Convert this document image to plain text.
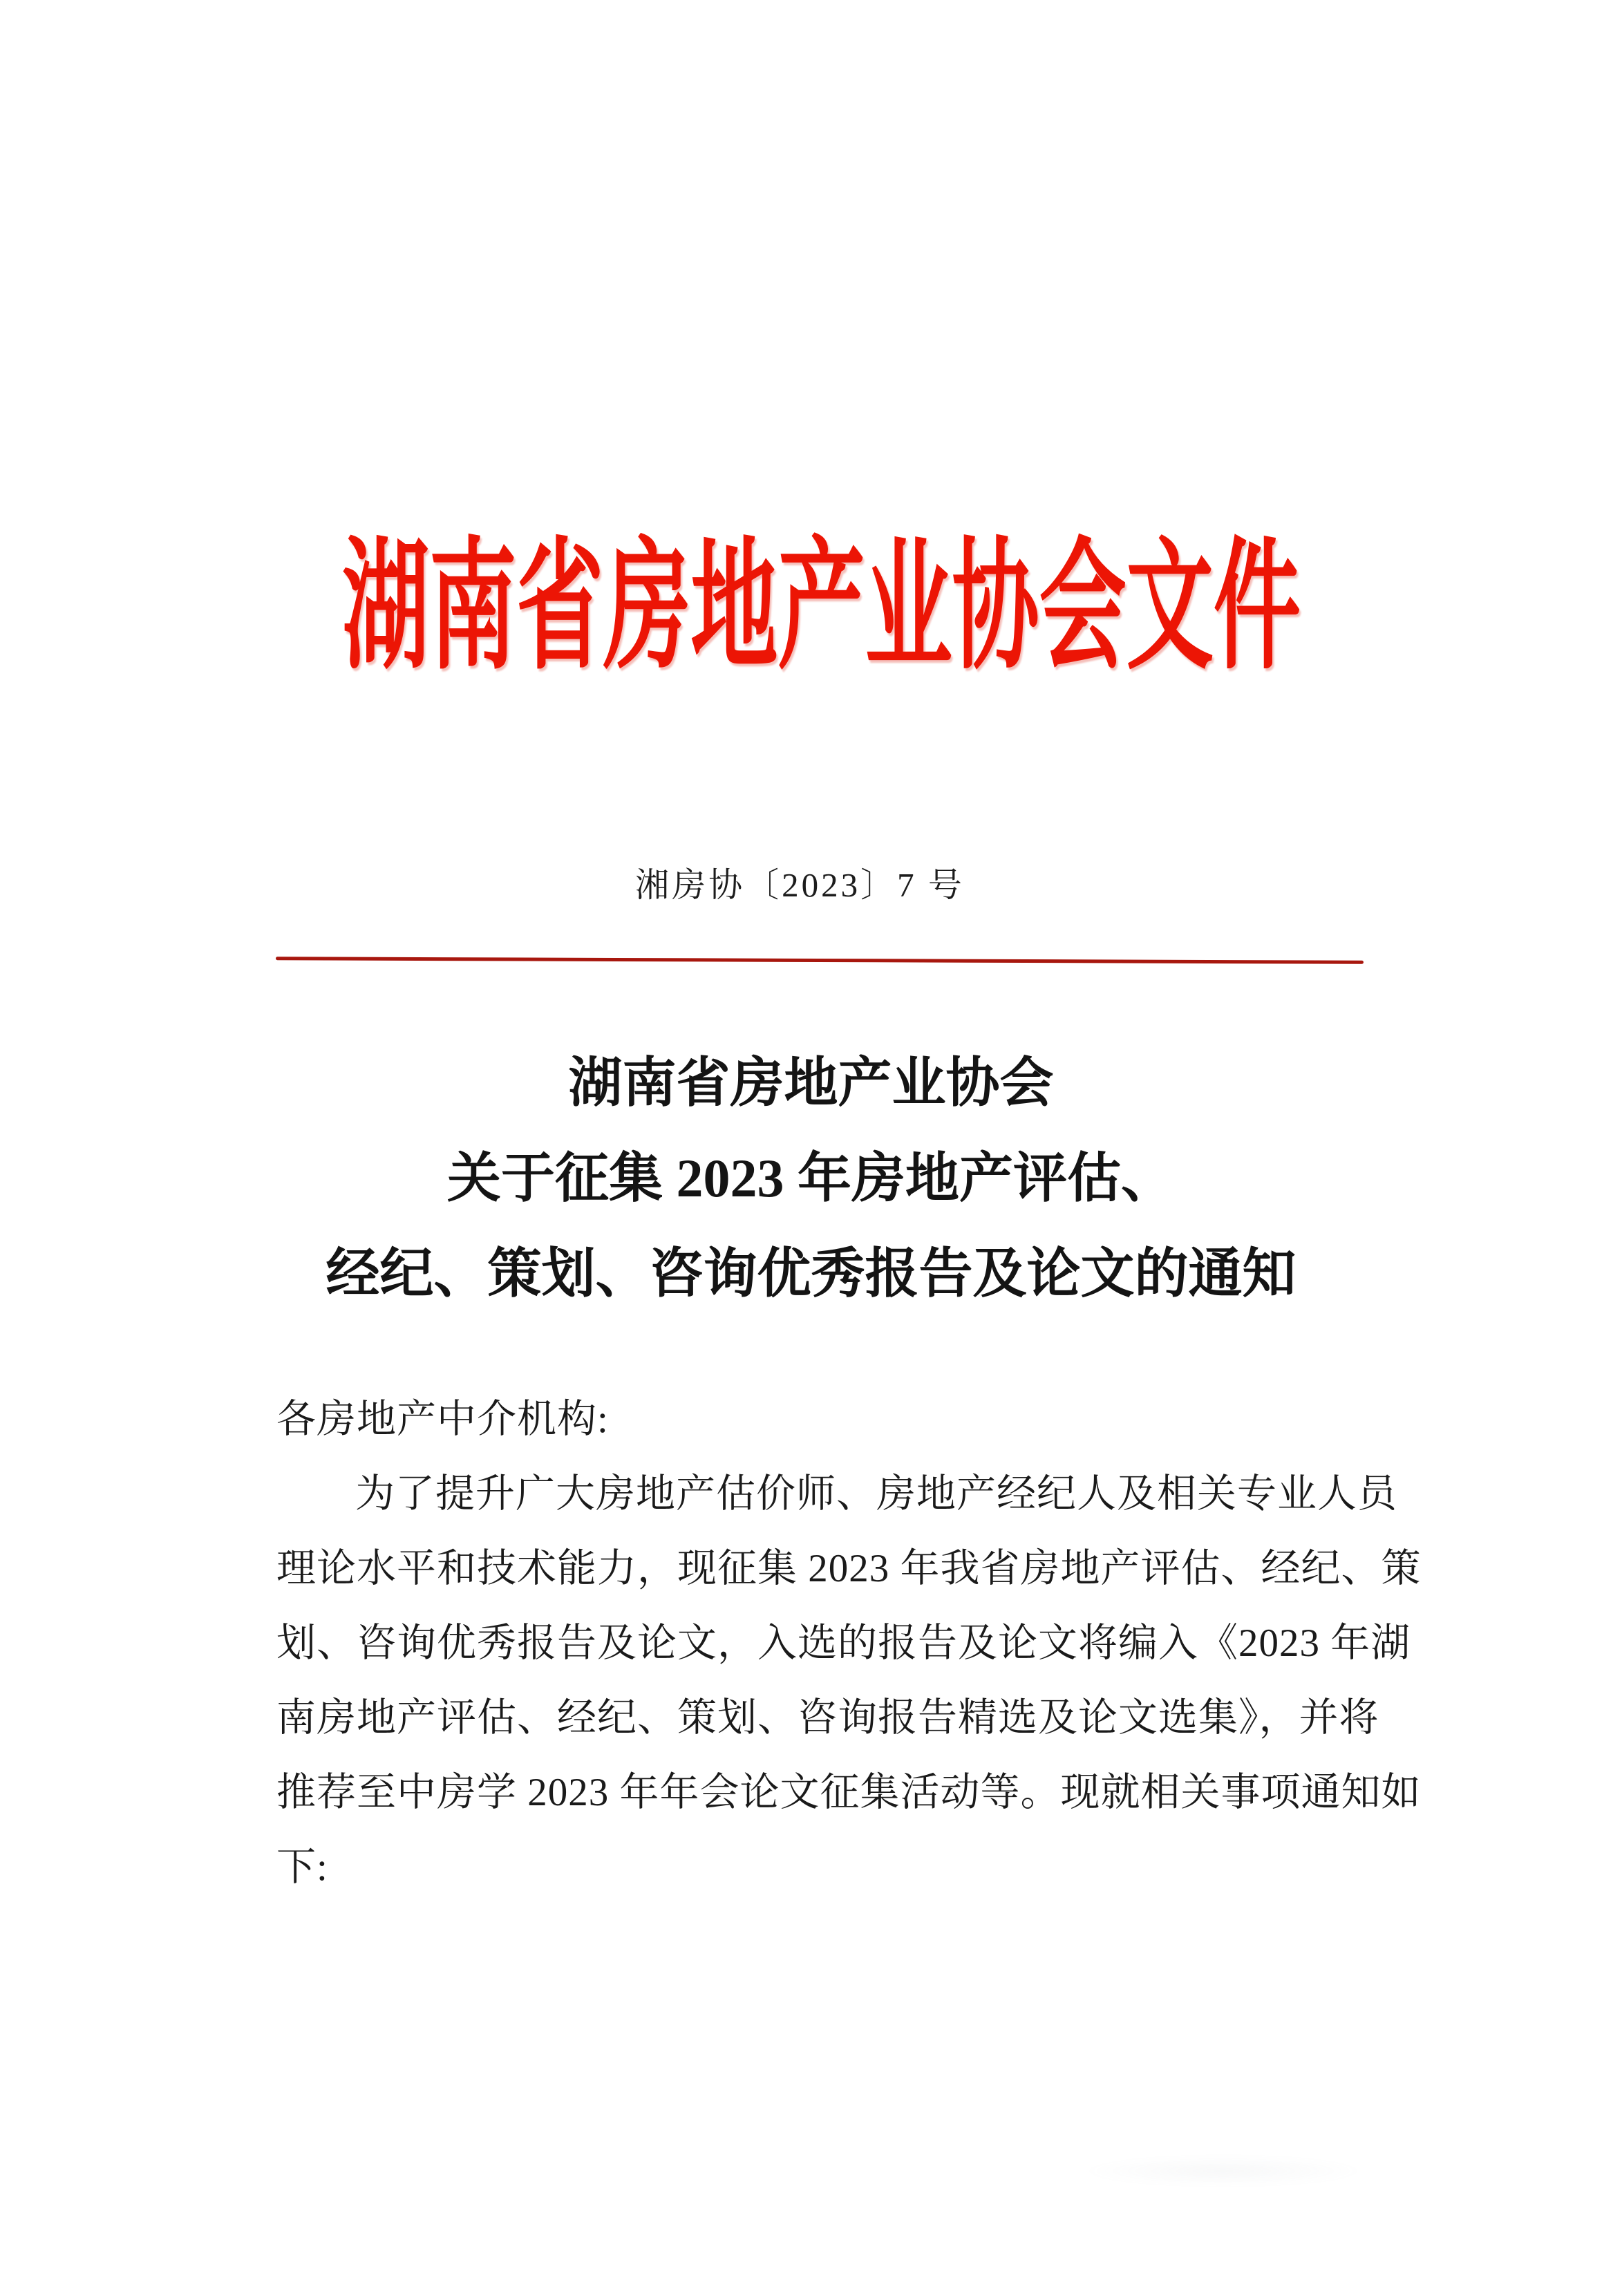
湖南省房地产业协会文件
湘房协〔2023〕7 号
湖南省房地产业协会
关于征集 2023 年房地产评估、
经纪、策划、咨询优秀报告及论文的通知
各房地产中介机构:
为了提升广大房地产估价师、房地产经纪人及相关专业人员
理论水平和技术能力，现征集 2023 年我省房地产评估、经纪、策
划、咨询优秀报告及论文，入选的报告及论文将编入《2023 年湖
南房地产评估、经纪、策划、咨询报告精选及论文选集》，并将
推荐至中房学 2023 年年会论文征集活动等。现就相关事项通知如
下:
